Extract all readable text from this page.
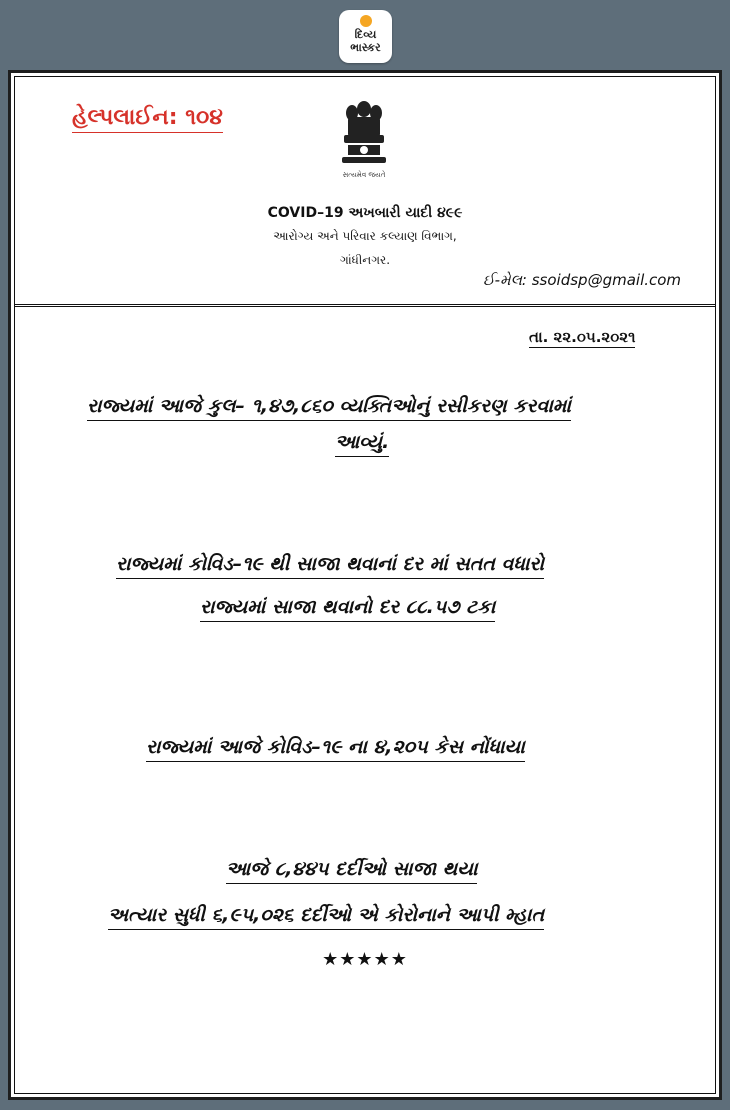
દિવ્ય
ભાસ્કર
હેલ્પલાઈન: ૧૦૪
સત્યમેવ જયતે
COVID–19 અખબારી યાદી ૪૯૯
આરોગ્ય અને પરિવાર કલ્યાણ વિભાગ,
ગાંધીનગર.
ઈ-મેલ: ssoidsp@gmail.com
તા. ૨૨.૦૫.૨૦૨૧
રાજ્યમાં આજે કુલ– ૧,૪૭,૮૬૦ વ્યક્તિઓનું રસીકરણ કરવામાં
આવ્યું.
રાજ્યમાં કોવિડ–૧૯ થી સાજા થવાનાં દર માં સતત વધારો
રાજ્યમાં સાજા થવાનો દર ૮૮.૫૭ ટકા
રાજ્યમાં આજે કોવિડ–૧૯ ના ૪,૨૦૫ કેસ નોંધાયા
આજે ૮,૪૪૫ દર્દીઓ સાજા થયા
અત્યાર સુધી ૬,૯૫,૦૨૬ દર્દીઓ એ કોરોનાને આપી મ્હાત
★★★★★
